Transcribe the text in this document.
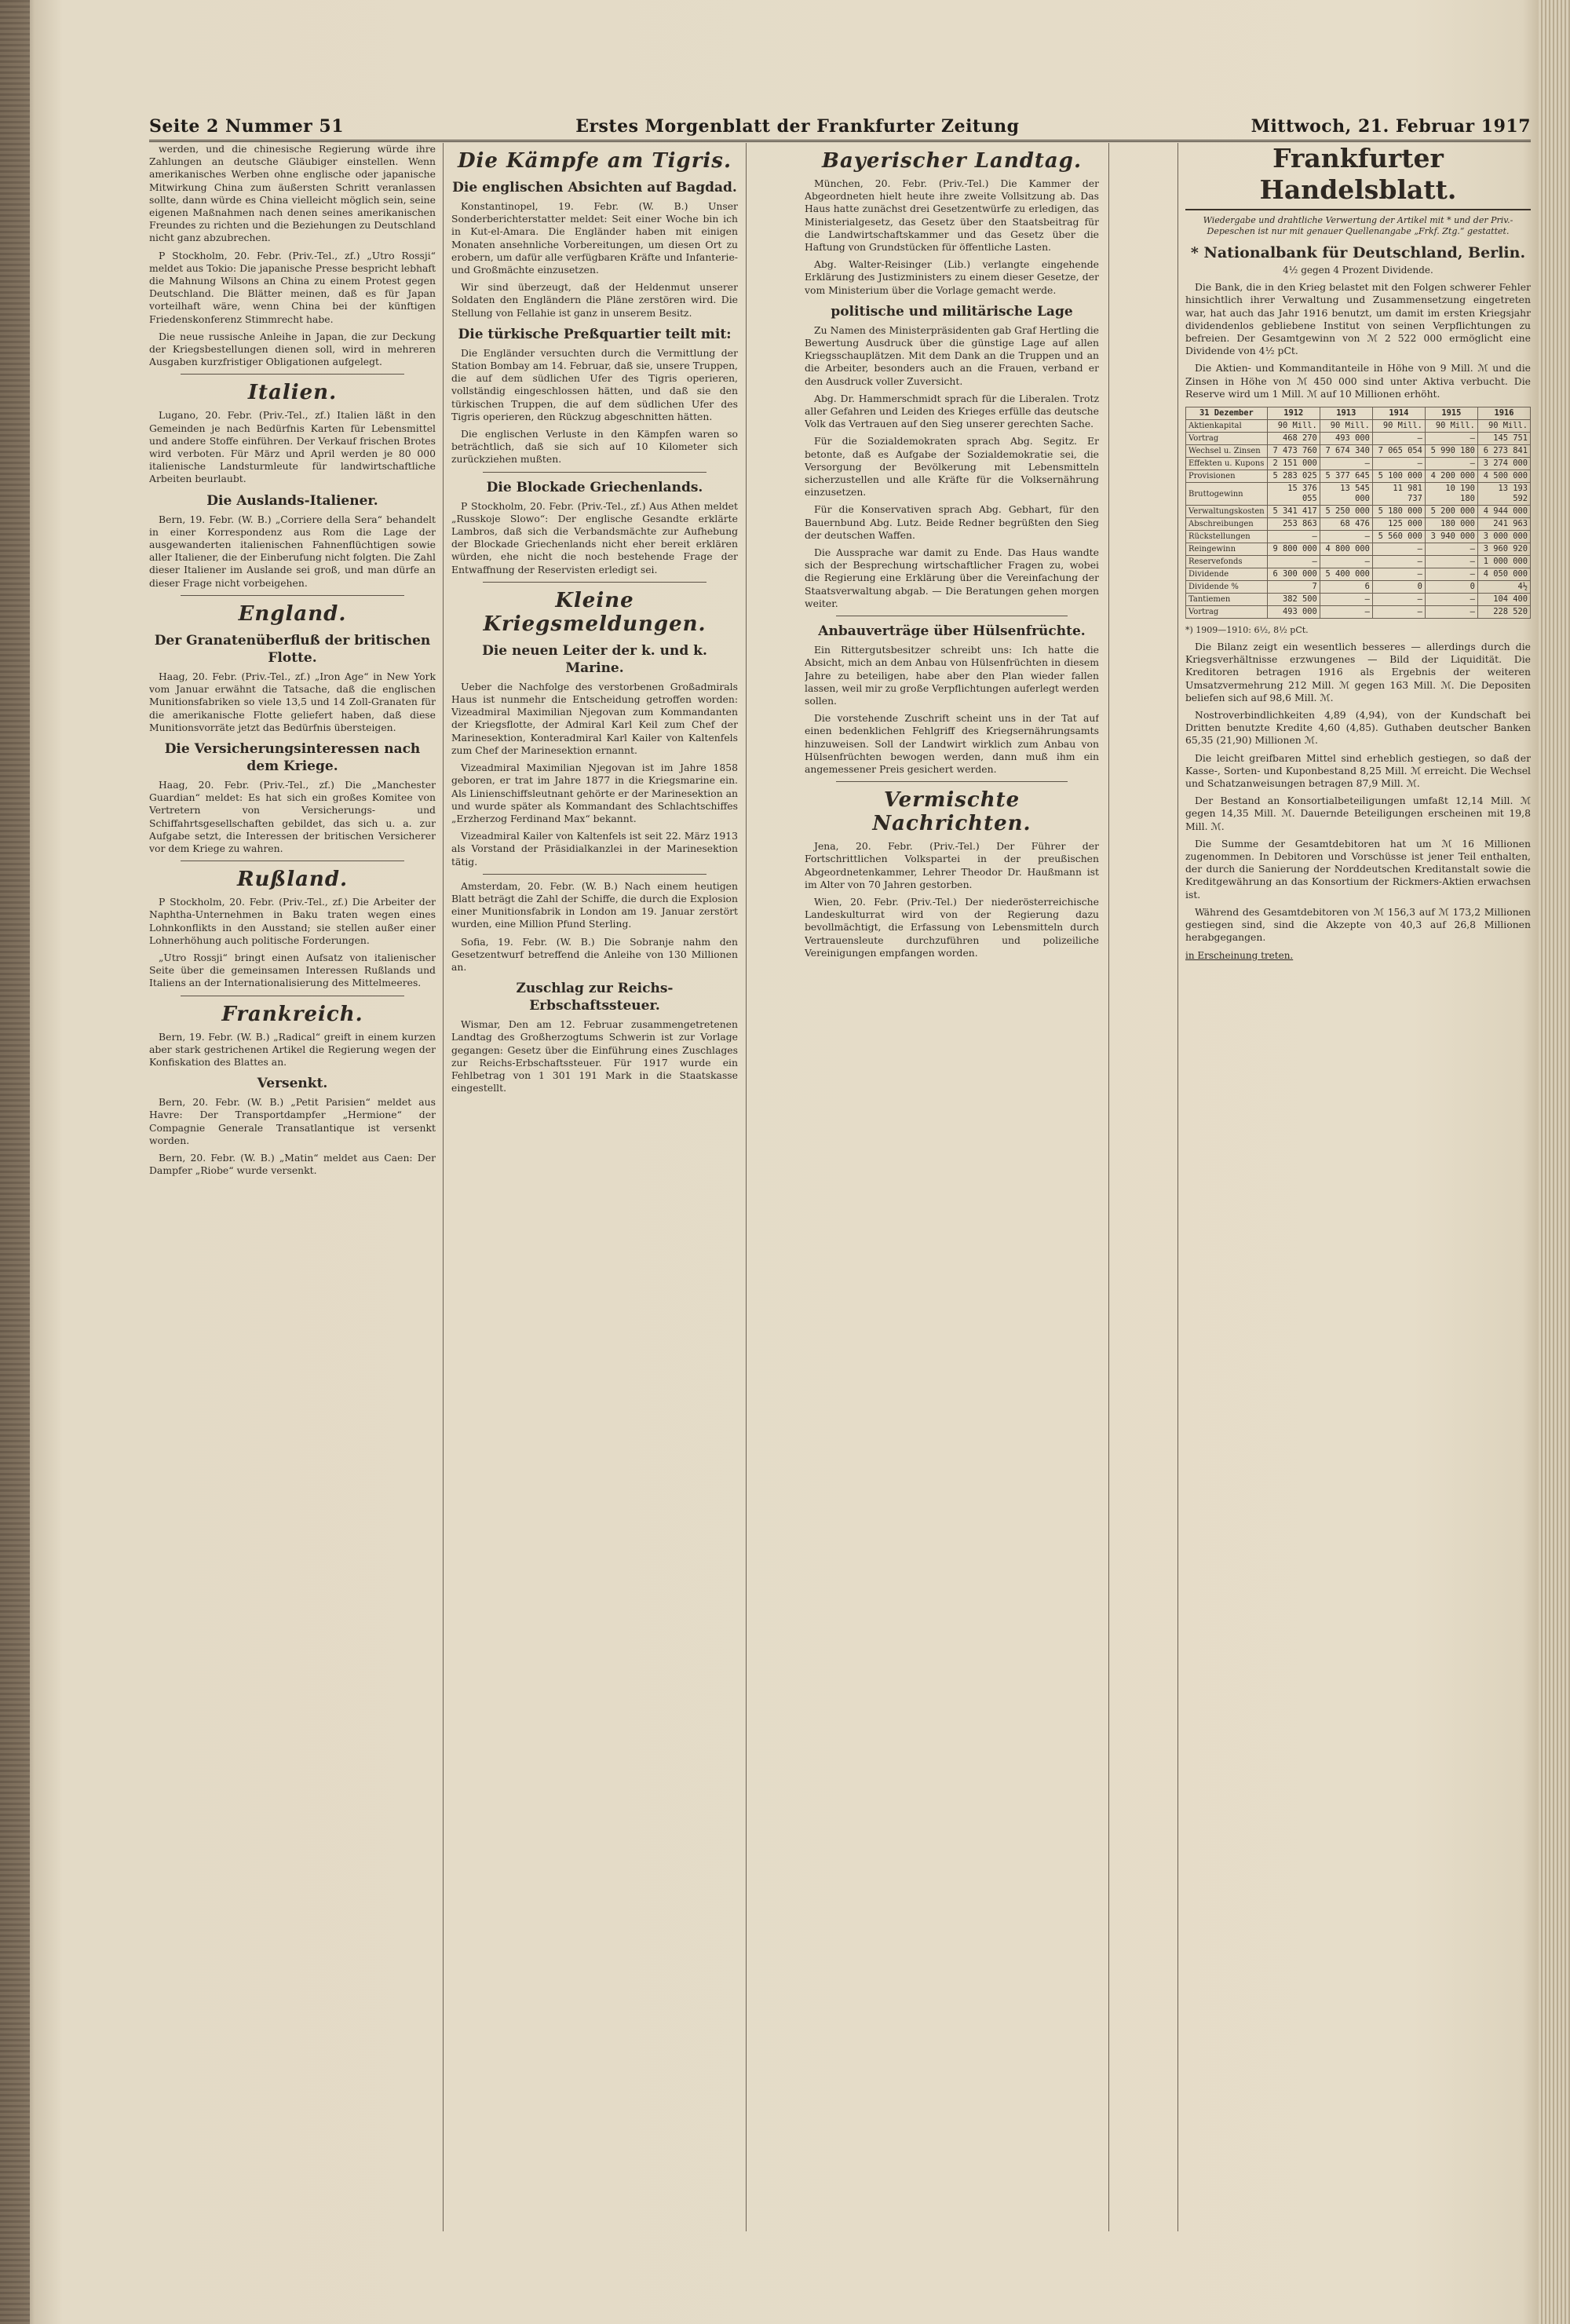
Seite 2 Nummer 51	Erstes Morgenblatt der Frankfurter Zeitung	Mittwoch, 21. Februar 1917

werden, und die chinesische Regierung würde ihre Zahlungen an deutsche Gläubiger einstellen. Wenn amerikanisches Werben ohne englische oder japanische Mitwirkung China zum äußersten Schritt veranlassen sollte, dann würde es China vielleicht möglich sein, seine eigenen Maßnahmen nach denen seines amerikanischen Freundes zu richten und die Beziehungen zu Deutschland nicht ganz abzubrechen.

P Stockholm, 20. Febr. (Priv.-Tel., zf.) „Utro Rossji“ meldet aus Tokio: Die japanische Presse bespricht lebhaft die Mahnung Wilsons an China zu einem Protest gegen Deutschland. Die Blätter meinen, daß es für Japan vorteilhaft wäre, wenn China bei der künftigen Friedenskonferenz Stimmrecht habe.

Die neue russische Anleihe in Japan, die zur Deckung der Kriegsbestellungen dienen soll, wird in mehreren Ausgaben kurzfristiger Obligationen aufgelegt.

Italien.

Lugano, 20. Febr. (Priv.-Tel., zf.) Italien läßt in den Gemeinden je nach Bedürfnis Karten für Lebensmittel und andere Stoffe einführen. Der Verkauf frischen Brotes wird verboten. Für März und April werden je 80 000 italienische Landsturmleute für landwirtschaftliche Arbeiten beurlaubt.

Die Auslands-Italiener.

Bern, 19. Febr. (W. B.) „Corriere della Sera“ behandelt in einer Korrespondenz aus Rom die Lage der ausgewanderten italienischen Fahnenflüchtigen sowie aller Italiener, die der Einberufung nicht folgten. Die Zahl dieser Italiener im Auslande sei groß, und man dürfe an dieser Frage nicht vorbeigehen.

England.
Der Granatenüberfluß der britischen Flotte.

Haag, 20. Febr. (Priv.-Tel., zf.) „Iron Age“ in New York vom Januar erwähnt die Tatsache, daß die englischen Munitionsfabriken so viele 13,5 und 14 Zoll-Granaten für die amerikanische Flotte geliefert haben, daß diese Munitionsvorräte jetzt das Bedürfnis übersteigen.

Die Versicherungsinteressen nach dem Kriege.

Haag, 20. Febr. (Priv.-Tel., zf.) Die „Manchester Guardian“ meldet: Es hat sich ein großes Komitee von Vertretern von Versicherungs- und Schiffahrtsgesellschaften gebildet, das sich u. a. zur Aufgabe setzt, die Interessen der britischen Versicherer vor dem Kriege zu wahren.

Rußland.

P Stockholm, 20. Febr. (Priv.-Tel., zf.) Die Arbeiter der Naphtha-Unternehmen in Baku traten wegen eines Lohnkonflikts in den Ausstand; sie stellen außer einer Lohnerhöhung auch politische Forderungen.

„Utro Rossji“ bringt einen Aufsatz von italienischer Seite über die gemeinsamen Interessen Rußlands und Italiens an der Internationalisierung des Mittelmeeres.

Frankreich.

Bern, 19. Febr. (W. B.) „Radical“ greift in einem kurzen aber stark gestrichenen Artikel die Regierung wegen der Konfiskation des Blattes an.

Versenkt.

Bern, 20. Febr. (W. B.) „Petit Parisien“ meldet aus Havre: Der Transportdampfer „Hermione“ der Compagnie Generale Transatlantique ist versenkt worden.

Bern, 20. Febr. (W. B.) „Matin“ meldet aus Caen: Der Dampfer „Riobe“ wurde versenkt.

Die Kämpfe am Tigris.
Die englischen Absichten auf Bagdad.

Konstantinopel, 19. Febr. (W. B.) Unser Sonderberichterstatter meldet: Seit einer Woche bin ich in Kut-el-Amara. Die Engländer haben mit einigen Monaten ansehnliche Vorbereitungen, um diesen Ort zu erobern, um dafür alle verfügbaren Kräfte und Infanterie- und Großmächte einzusetzen.

Wir sind überzeugt, daß der Heldenmut unserer Soldaten den Engländern die Pläne zerstören wird. Die Stellung von Fellahie ist ganz in unserem Besitz.

Die türkische Preßquartier teilt mit:

Die Engländer versuchten durch die Vermittlung der Station Bombay am 14. Februar, daß sie, unsere Truppen, die auf dem südlichen Ufer des Tigris operieren, vollständig eingeschlossen hätten, und daß sie den türkischen Truppen, die auf dem südlichen Ufer des Tigris operieren, den Rückzug abgeschnitten hätten.

Die englischen Verluste in den Kämpfen waren so beträchtlich, daß sie sich auf 10 Kilometer sich zurückziehen mußten.

Die Blockade Griechenlands.

P Stockholm, 20. Febr. (Priv.-Tel., zf.) Aus Athen meldet „Russkoje Slowo“: Der englische Gesandte erklärte Lambros, daß sich die Verbandsmächte zur Aufhebung der Blockade Griechenlands nicht eher bereit erklären würden, ehe nicht die noch bestehende Frage der Entwaffnung der Reservisten erledigt sei.

Kleine Kriegsmeldungen.
Die neuen Leiter der k. und k. Marine.

Ueber die Nachfolge des verstorbenen Großadmirals Haus ist nunmehr die Entscheidung getroffen worden: Vizeadmiral Maximilian Njegovan zum Kommandanten der Kriegsflotte, der Admiral Karl Keil zum Chef der Marinesektion, Konteradmiral Karl Kailer von Kaltenfels zum Chef der Marinesektion ernannt.

Vizeadmiral Maximilian Njegovan ist im Jahre 1858 geboren, er trat im Jahre 1877 in die Kriegsmarine ein. Als Linienschiffsleutnant gehörte er der Marinesektion an und wurde später als Kommandant des Schlachtschiffes „Erzherzog Ferdinand Max“ bekannt.

Vizeadmiral Kailer von Kaltenfels ist seit 22. März 1913 als Vorstand der Präsidialkanzlei in der Marinesektion tätig.

Amsterdam, 20. Febr. (W. B.) Nach einem heutigen Blatt beträgt die Zahl der Schiffe, die durch die Explosion einer Munitionsfabrik in London am 19. Januar zerstört wurden, eine Million Pfund Sterling.

Sofia, 19. Febr. (W. B.) Die Sobranje nahm den Gesetzentwurf betreffend die Anleihe von 130 Millionen an.

Zuschlag zur Reichs-Erbschaftssteuer.

Wismar, Den am 12. Februar zusammengetretenen Landtag des Großherzogtums Schwerin ist zur Vorlage gegangen: Gesetz über die Einführung eines Zuschlages zur Reichs-Erbschaftssteuer. Für 1917 wurde ein Fehlbetrag von 1 301 191 Mark in die Staatskasse eingestellt.

Bayerischer Landtag.

München, 20. Febr. (Priv.-Tel.) Die Kammer der Abgeordneten hielt heute ihre zweite Vollsitzung ab. Das Haus hatte zunächst drei Gesetzentwürfe zu erledigen, das Ministerialgesetz, das Gesetz über den Staatsbeitrag für die Landwirtschaftskammer und das Gesetz über die Haftung von Grundstücken für öffentliche Lasten.

Abg. Walter-Reisinger (Lib.) verlangte eingehende Erklärung des Justizministers zu einem dieser Gesetze, der vom Ministerium über die Vorlage gemacht werde.

politische und militärische Lage

Zu Namen des Ministerpräsidenten gab Graf Hertling die Bewertung Ausdruck über die günstige Lage auf allen Kriegsschauplätzen. Mit dem Dank an die Truppen und an die Arbeiter, besonders auch an die Frauen, verband er den Ausdruck voller Zuversicht.

Abg. Dr. Hammerschmidt sprach für die Liberalen. Trotz aller Gefahren und Leiden des Krieges erfülle das deutsche Volk das Vertrauen auf den Sieg unserer gerechten Sache.

Für die Sozialdemokraten sprach Abg. Segitz. Er betonte, daß es Aufgabe der Sozialdemokratie sei, die Versorgung der Bevölkerung mit Lebensmitteln sicherzustellen und alle Kräfte für die Volksernährung einzusetzen.

Für die Konservativen sprach Abg. Gebhart, für den Bauernbund Abg. Lutz. Beide Redner begrüßten den Sieg der deutschen Waffen.

Die Aussprache war damit zu Ende. Das Haus wandte sich der Besprechung wirtschaftlicher Fragen zu, wobei die Regierung eine Erklärung über die Vereinfachung der Staatsverwaltung abgab. — Die Beratungen gehen morgen weiter.

Anbauverträge über Hülsenfrüchte.

Ein Rittergutsbesitzer schreibt uns: Ich hatte die Absicht, mich an dem Anbau von Hülsenfrüchten in diesem Jahre zu beteiligen, habe aber den Plan wieder fallen lassen, weil mir zu große Verpflichtungen auferlegt werden sollen.

Die vorstehende Zuschrift scheint uns in der Tat auf einen bedenklichen Fehlgriff des Kriegsernährungsamts hinzuweisen. Soll der Landwirt wirklich zum Anbau von Hülsenfrüchten bewogen werden, dann muß ihm ein angemessener Preis gesichert werden.

Vermischte Nachrichten.

Jena, 20. Febr. (Priv.-Tel.) Der Führer der Fortschrittlichen Volkspartei in der preußischen Abgeordnetenkammer, Lehrer Theodor Dr. Haußmann ist im Alter von 70 Jahren gestorben.

Wien, 20. Febr. (Priv.-Tel.) Der niederösterreichische Landeskulturrat wird von der Regierung dazu bevollmächtigt, die Erfassung von Lebensmitteln durch Vertrauensleute durchzuführen und polizeiliche Vereinigungen empfangen worden.

Frankfurter Handelsblatt.
Wiedergabe und drahtliche Verwertung der Artikel mit * und der Priv.-Depeschen ist nur mit genauer Quellenangabe „Frkf. Ztg.“ gestattet.
* Nationalbank für Deutschland, Berlin.
4½ gegen 4 Prozent Dividende.

Die Bank, die in den Krieg belastet mit den Folgen schwerer Fehler hinsichtlich ihrer Verwaltung und Zusammensetzung eingetreten war, hat auch das Jahr 1916 benutzt, um damit im ersten Kriegsjahr dividendenlos gebliebene Institut von seinen Verpflichtungen zu befreien. Der Gesamtgewinn von ℳ 2 522 000 ermöglicht eine Dividende von 4½ pCt.

Die Aktien- und Kommanditanteile in Höhe von 9 Mill. ℳ und die Zinsen in Höhe von ℳ 450 000 sind unter Aktiva verbucht. Die Reserve wird um 1 Mill. ℳ auf 10 Millionen erhöht.

31 Dezember	1912	1913	1914	1915	1916
Aktienkapital	90 Mill.	90 Mill.	90 Mill.	90 Mill.	90 Mill.
Vortrag	468 270	493 000	—	—	145 751
Wechsel u. Zinsen	7 473 760	7 674 340	7 065 054	5 990 180	6 273 841
Effekten u. Kupons	2 151 000	—	—	—	3 274 000
Provisionen	5 283 025	5 377 645	5 100 000	4 200 000	4 500 000
Bruttogewinn	15 376 055	13 545 000	11 981 737	10 190 180	13 193 592
Verwaltungskosten	5 341 417	5 250 000	5 180 000	5 200 000	4 944 000
Abschreibungen	253 863	68 476	125 000	180 000	241 963
Rückstellungen	—	—	5 560 000	3 940 000	3 000 000
Reingewinn	9 800 000	4 800 000	—	—	3 960 920
Reservefonds	—	—	—	—	1 000 000
Dividende	6 300 000	5 400 000	—	—	4 050 000
Dividende %	7	6	0	0	4½
Tantiemen	382 500	—	—	—	104 400
Vortrag	493 000	—	—	—	228 520
*) 1909—1910: 6½, 8½ pCt.

Die Bilanz zeigt ein wesentlich besseres — allerdings durch die Kriegsverhältnisse erzwungenes — Bild der Liquidität. Die Kreditoren betragen 1916 als Ergebnis der weiteren Umsatzvermehrung 212 Mill. ℳ gegen 163 Mill. ℳ. Die Depositen beliefen sich auf 98,6 Mill. ℳ.

Nostroverbindlichkeiten 4,89 (4,94), von der Kundschaft bei Dritten benutzte Kredite 4,60 (4,85). Guthaben deutscher Banken 65,35 (21,90) Millionen ℳ.

Die leicht greifbaren Mittel sind erheblich gestiegen, so daß der Kasse-, Sorten- und Kuponbestand 8,25 Mill. ℳ erreicht. Die Wechsel und Schatzanweisungen betragen 87,9 Mill. ℳ.

Der Bestand an Konsortialbeteiligungen umfaßt 12,14 Mill. ℳ gegen 14,35 Mill. ℳ. Dauernde Beteiligungen erscheinen mit 19,8 Mill. ℳ.

Die Summe der Gesamtdebitoren hat um ℳ 16 Millionen zugenommen. In Debitoren und Vorschüsse ist jener Teil enthalten, der durch die Sanierung der Norddeutschen Kreditanstalt sowie die Kreditgewährung an das Konsortium der Rickmers-Aktien erwachsen ist.

Während des Gesamtdebitoren von ℳ 156,3 auf ℳ 173,2 Millionen gestiegen sind, sind die Akzepte von 40,3 auf 26,8 Millionen herabgegangen.

in Erscheinung treten.
